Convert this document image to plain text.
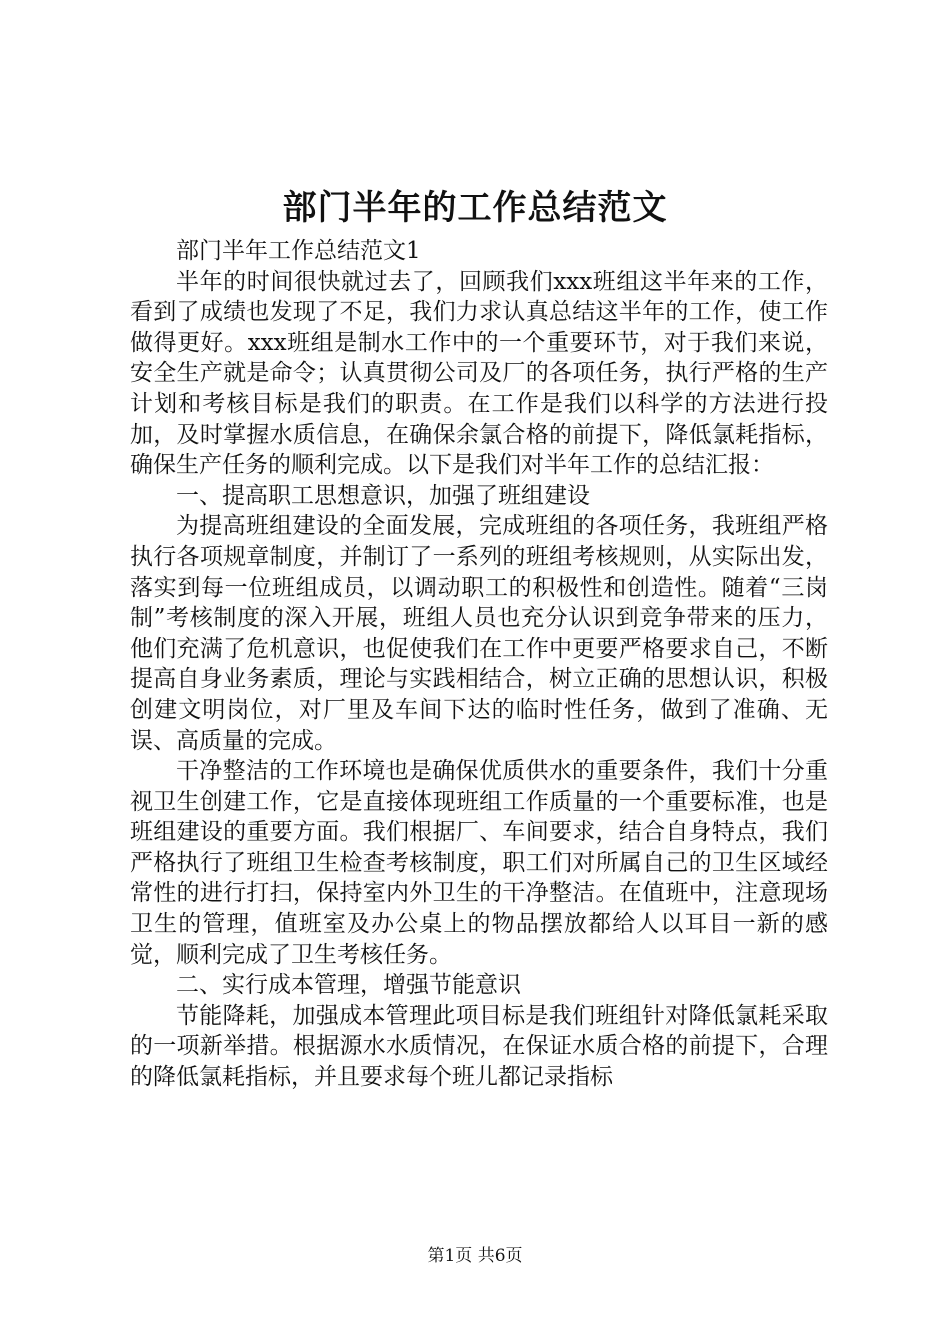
部门半年的工作总结范文

部门半年工作总结范文1

半年的时间很快就过去了，回顾我们xxx班组这半年来的工作，看到了成绩也发现了不足，我们力求认真总结这半年的工作，使工作做得更好。xxx班组是制水工作中的一个重要环节，对于我们来说，安全生产就是命令；认真贯彻公司及厂的各项任务，执行严格的生产计划和考核目标是我们的职责。在工作是我们以科学的方法进行投加，及时掌握水质信息，在确保余氯合格的前提下，降低氯耗指标，确保生产任务的顺利完成。以下是我们对半年工作的总结汇报：

一、提高职工思想意识，加强了班组建设

为提高班组建设的全面发展，完成班组的各项任务，我班组严格执行各项规章制度，并制订了一系列的班组考核规则，从实际出发，落实到每一位班组成员，以调动职工的积极性和创造性。随着“三岗制”考核制度的深入开展，班组人员也充分认识到竞争带来的压力，他们充满了危机意识，也促使我们在工作中更要严格要求自己，不断提高自身业务素质，理论与实践相结合，树立正确的思想认识，积极创建文明岗位，对厂里及车间下达的临时性任务，做到了准确、无误、高质量的完成。

干净整洁的工作环境也是确保优质供水的重要条件，我们十分重视卫生创建工作，它是直接体现班组工作质量的一个重要标准，也是班组建设的重要方面。我们根据厂、车间要求，结合自身特点，我们严格执行了班组卫生检查考核制度，职工们对所属自己的卫生区域经常性的进行打扫，保持室内外卫生的干净整洁。在值班中，注意现场卫生的管理，值班室及办公桌上的物品摆放都给人以耳目一新的感觉，顺利完成了卫生考核任务。

二、实行成本管理，增强节能意识

节能降耗，加强成本管理此项目标是我们班组针对降低氯耗采取的一项新举措。根据源水水质情况，在保证水质合格的前提下，合理的降低氯耗指标，并且要求每个班儿都记录指标

第1页 共6页
